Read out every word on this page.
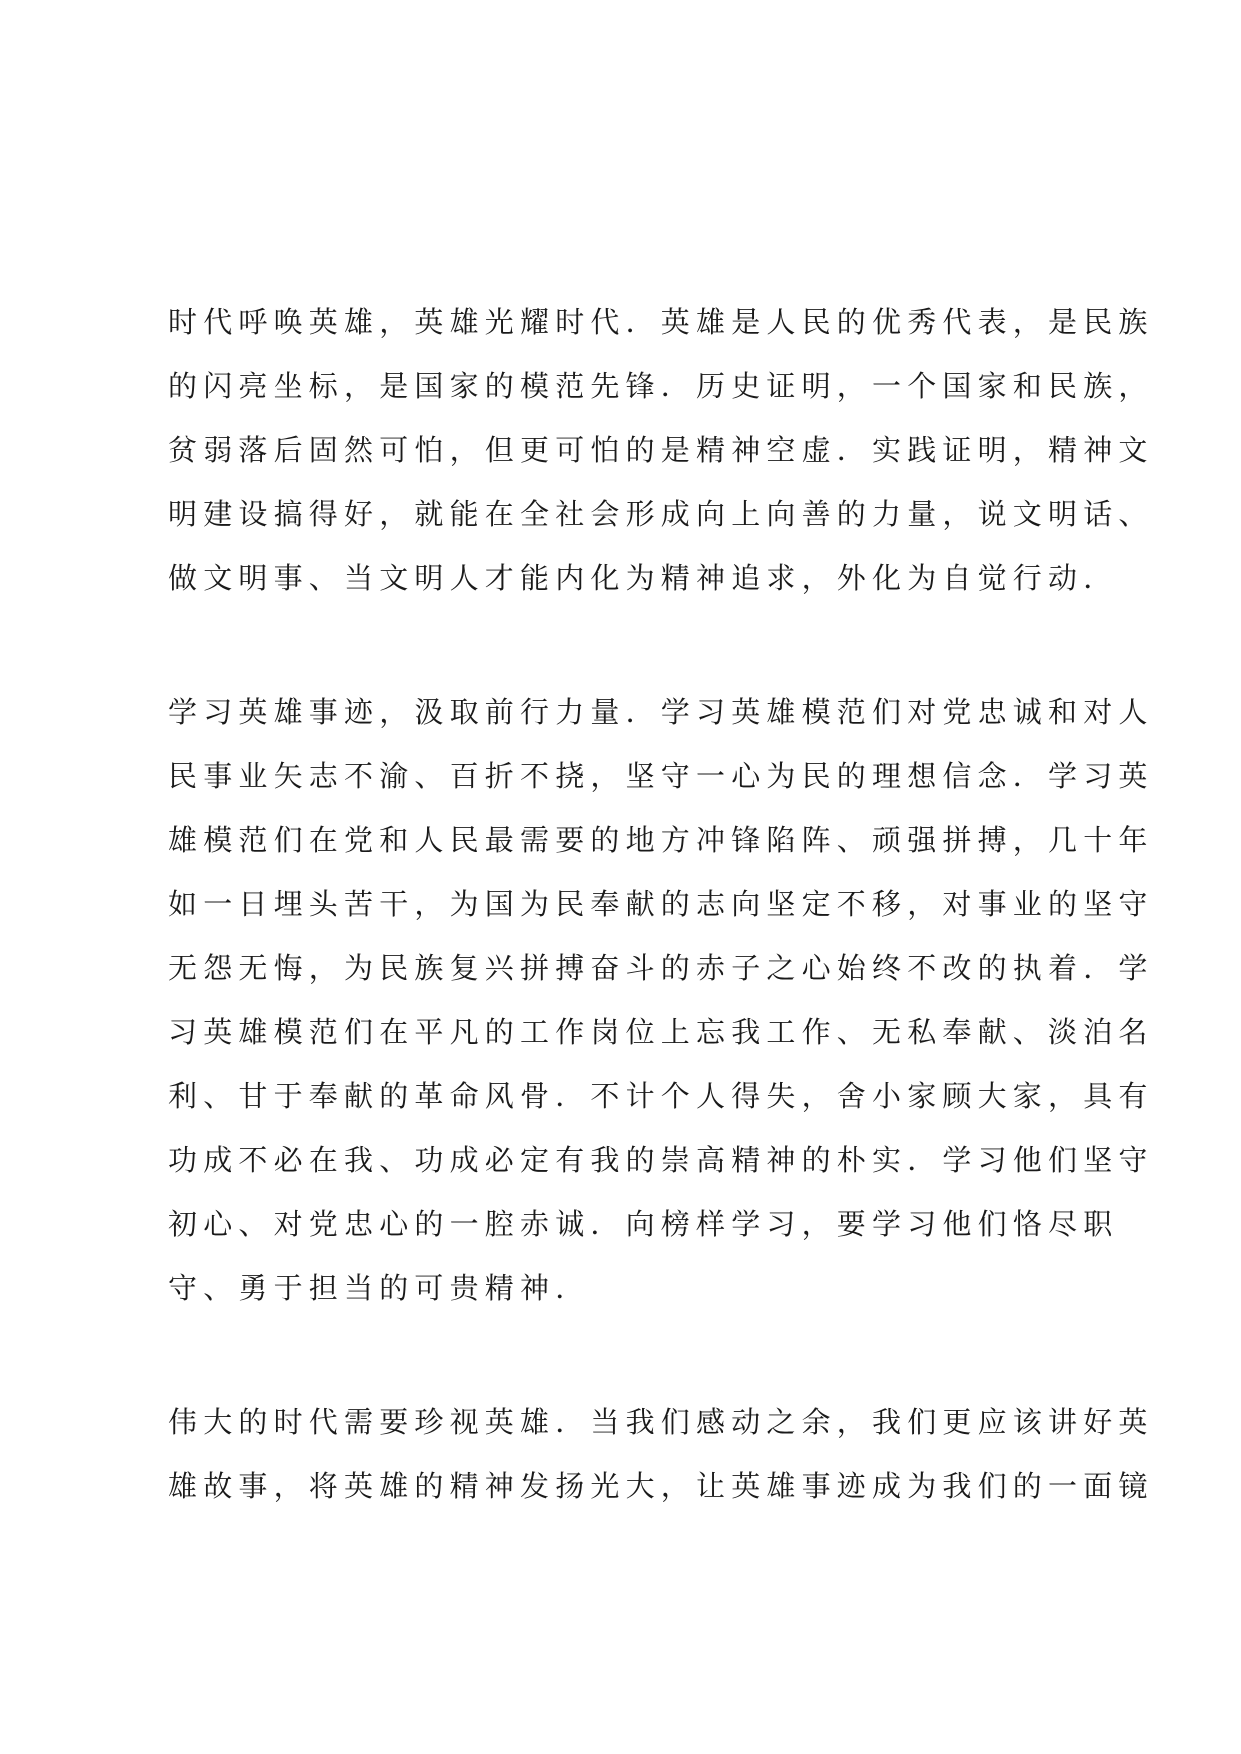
时代呼唤英雄，英雄光耀时代．英雄是人民的优秀代表，是民族
的闪亮坐标，是国家的模范先锋．历史证明，一个国家和民族，
贫弱落后固然可怕，但更可怕的是精神空虚．实践证明，精神文
明建设搞得好，就能在全社会形成向上向善的力量，说文明话、
做文明事、当文明人才能内化为精神追求，外化为自觉行动．
学习英雄事迹，汲取前行力量．学习英雄模范们对党忠诚和对人
民事业矢志不渝、百折不挠，坚守一心为民的理想信念．学习英
雄模范们在党和人民最需要的地方冲锋陷阵、顽强拼搏，几十年
如一日埋头苦干，为国为民奉献的志向坚定不移，对事业的坚守
无怨无悔，为民族复兴拼搏奋斗的赤子之心始终不改的执着．学
习英雄模范们在平凡的工作岗位上忘我工作、无私奉献、淡泊名
利、甘于奉献的革命风骨．不计个人得失，舍小家顾大家，具有
功成不必在我、功成必定有我的崇高精神的朴实．学习他们坚守
初心、对党忠心的一腔赤诚．向榜样学习，要学习他们恪尽职
守、勇于担当的可贵精神．
伟大的时代需要珍视英雄．当我们感动之余，我们更应该讲好英
雄故事，将英雄的精神发扬光大，让英雄事迹成为我们的一面镜
